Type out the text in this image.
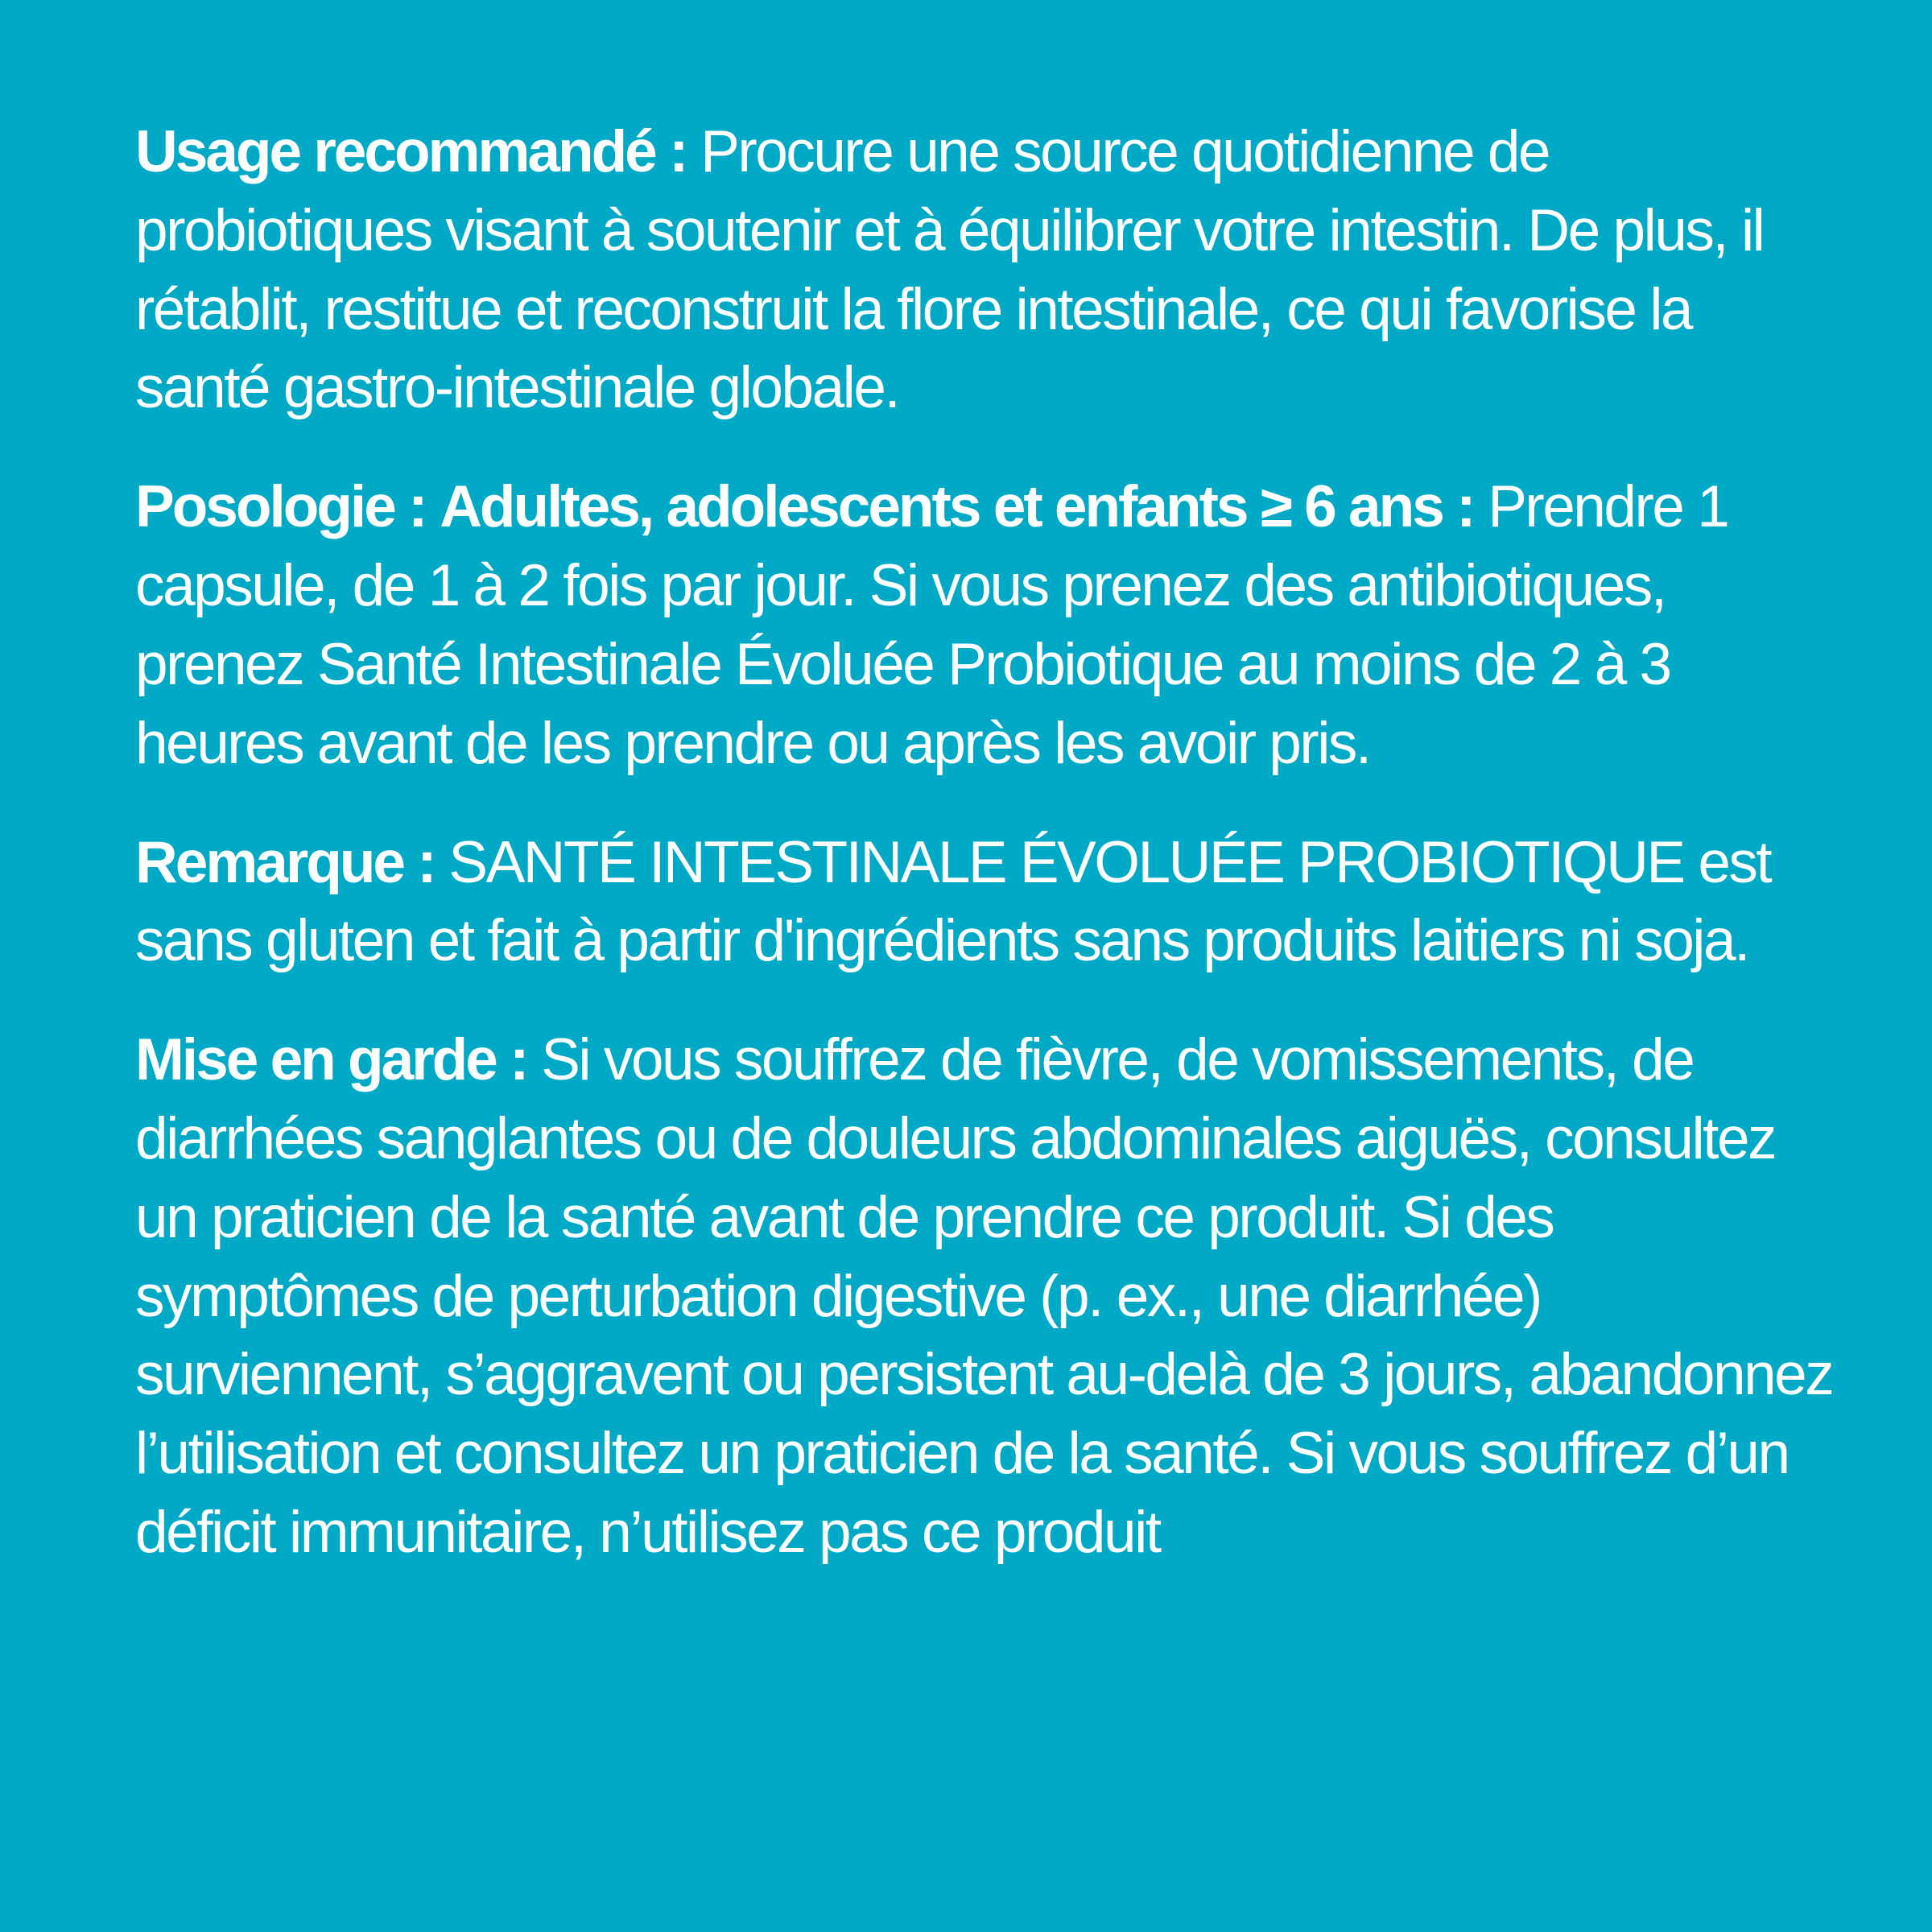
Usage recommandé : Procure une source quotidienne de probiotiques visant à soutenir et à équilibrer votre intestin. De plus, il rétablit, restitue et reconstruit la flore intestinale, ce qui favorise la santé gastro-intestinale globale.

Posologie : Adultes, adolescents et enfants ≥ 6 ans : Prendre 1 capsule, de 1 à 2 fois par jour. Si vous prenez des antibiotiques, prenez Santé Intestinale Évoluée Probiotique au moins de 2 à 3 heures avant de les prendre ou après les avoir pris.

Remarque : SANTÉ INTESTINALE ÉVOLUÉE PROBIOTIQUE est sans gluten et fait à partir d'ingrédients sans produits laitiers ni soja.

Mise en garde : Si vous souffrez de fièvre, de vomissements, de diarrhées sanglantes ou de douleurs abdominales aiguës, consultez un praticien de la santé avant de prendre ce produit. Si des symptômes de perturbation digestive (p. ex., une diarrhée) surviennent, s’aggravent ou persistent au-delà de 3 jours, abandonnez l’utilisation et consultez un praticien de la santé. Si vous souffrez d’un déficit immunitaire, n’utilisez pas ce produit
